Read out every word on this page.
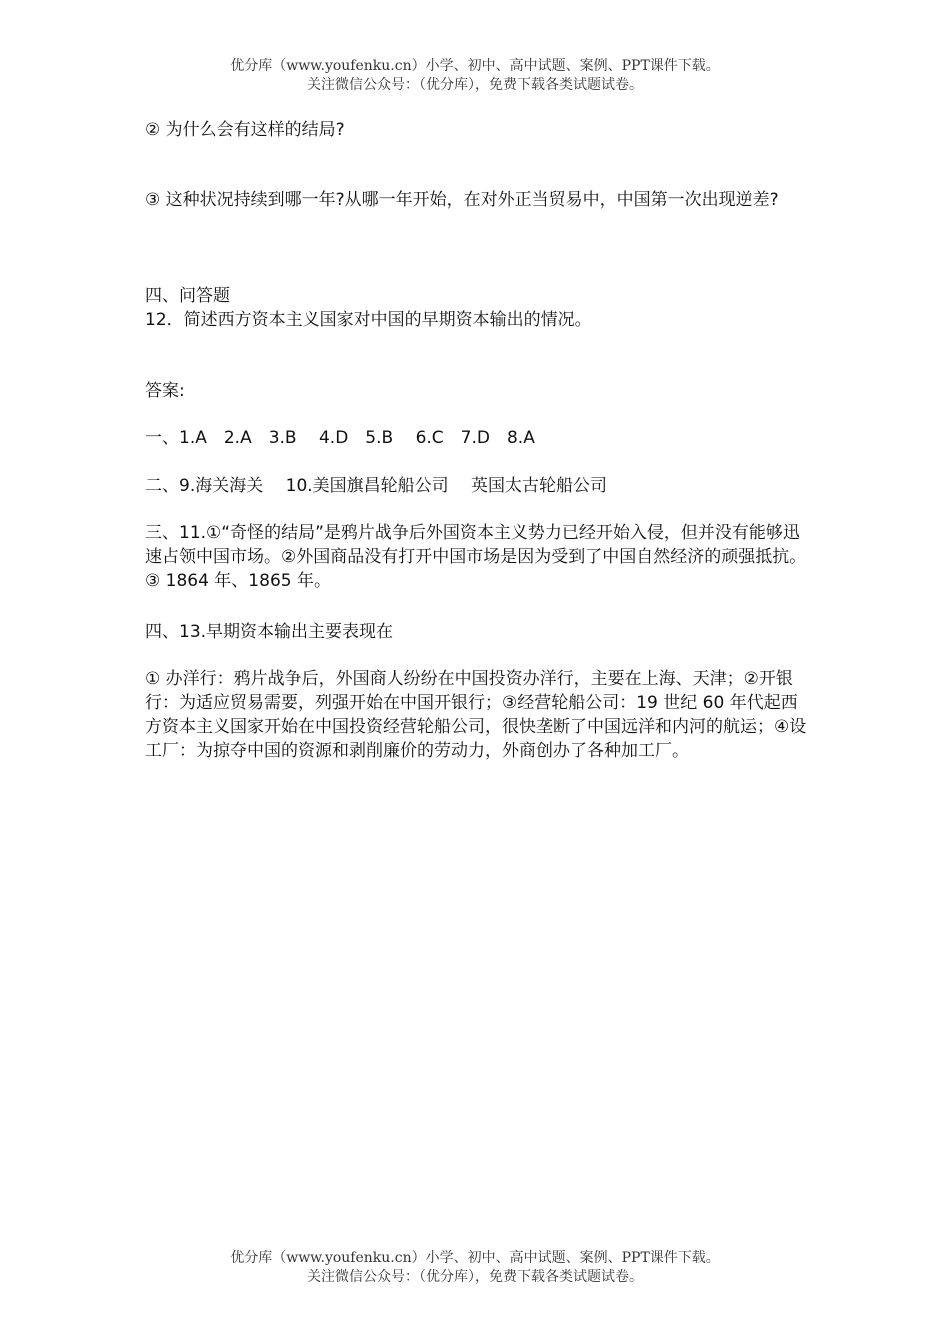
优分库（www.youfenku.cn）小学、初中、高中试题、案例、PPT课件下载。
关注微信公众号：（优分库），免费下载各类试题试卷。
② 为什么会有这样的结局?
③ 这种状况持续到哪一年?从哪一年开始，在对外正当贸易中，中国第一次出现逆差?
四、问答题
12．简述西方资本主义国家对中国的早期资本输出的情况。
答案:
一、1.A　2.A　3.B　 4.D　5.B　 6.C　7.D　8.A
二、9.海关海关　 10.美国旗昌轮船公司　 英国太古轮船公司
三、11.①“奇怪的结局”是鸦片战争后外国资本主义势力已经开始入侵，但并没有能够迅速占领中国市场。②外国商品没有打开中国市场是因为受到了中国自然经济的顽强抵抗。③ 1864 年、1865 年。
四、13.早期资本输出主要表现在
① 办洋行：鸦片战争后，外国商人纷纷在中国投资办洋行，主要在上海、天津；②开银行：为适应贸易需要，列强开始在中国开银行；③经营轮船公司：19 世纪 60 年代起西方资本主义国家开始在中国投资经营轮船公司，很快垄断了中国远洋和内河的航运；④设工厂：为掠夺中国的资源和剥削廉价的劳动力，外商创办了各种加工厂。
优分库（www.youfenku.cn）小学、初中、高中试题、案例、PPT课件下载。
关注微信公众号：（优分库），免费下载各类试题试卷。
